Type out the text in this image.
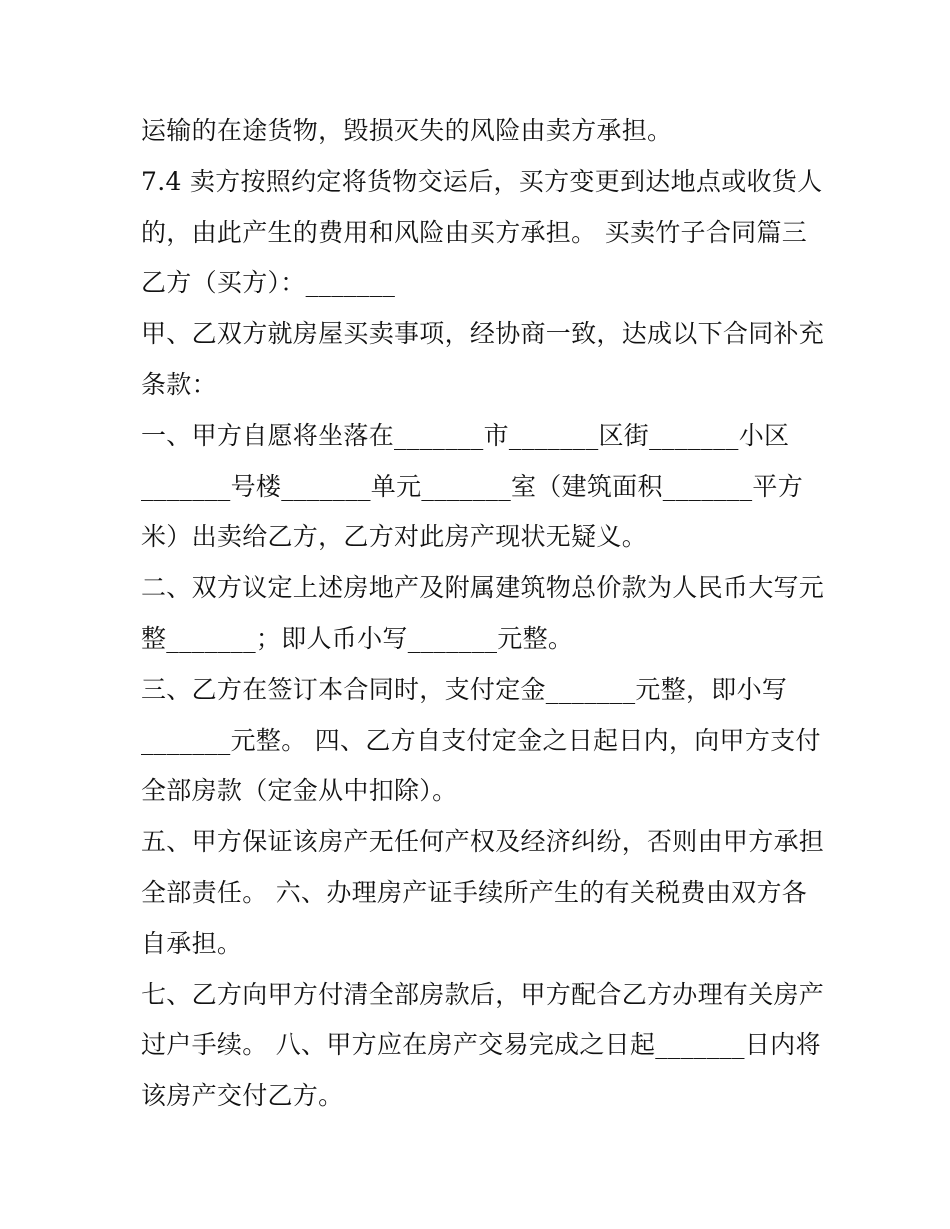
运输的在途货物，毁损灭失的风险由卖方承担。
7.4 卖方按照约定将货物交运后，买方变更到达地点或收货人
的，由此产生的费用和风险由买方承担。 买卖竹子合同篇三
乙方（买方）：_______
甲、乙双方就房屋买卖事项，经协商一致，达成以下合同补充
条款：
一、甲方自愿将坐落在_______市_______区街_______小区
_______号楼_______单元_______室（建筑面积_______平方
米）出卖给乙方，乙方对此房产现状无疑义。
二、双方议定上述房地产及附属建筑物总价款为人民币大写元
整_______；即人币小写_______元整。
三、乙方在签订本合同时，支付定金_______元整，即小写
_______元整。 四、乙方自支付定金之日起日内，向甲方支付
全部房款（定金从中扣除）。
五、甲方保证该房产无任何产权及经济纠纷，否则由甲方承担
全部责任。 六、办理房产证手续所产生的有关税费由双方各
自承担。
七、乙方向甲方付清全部房款后，甲方配合乙方办理有关房产
过户手续。 八、甲方应在房产交易完成之日起_______日内将
该房产交付乙方。
